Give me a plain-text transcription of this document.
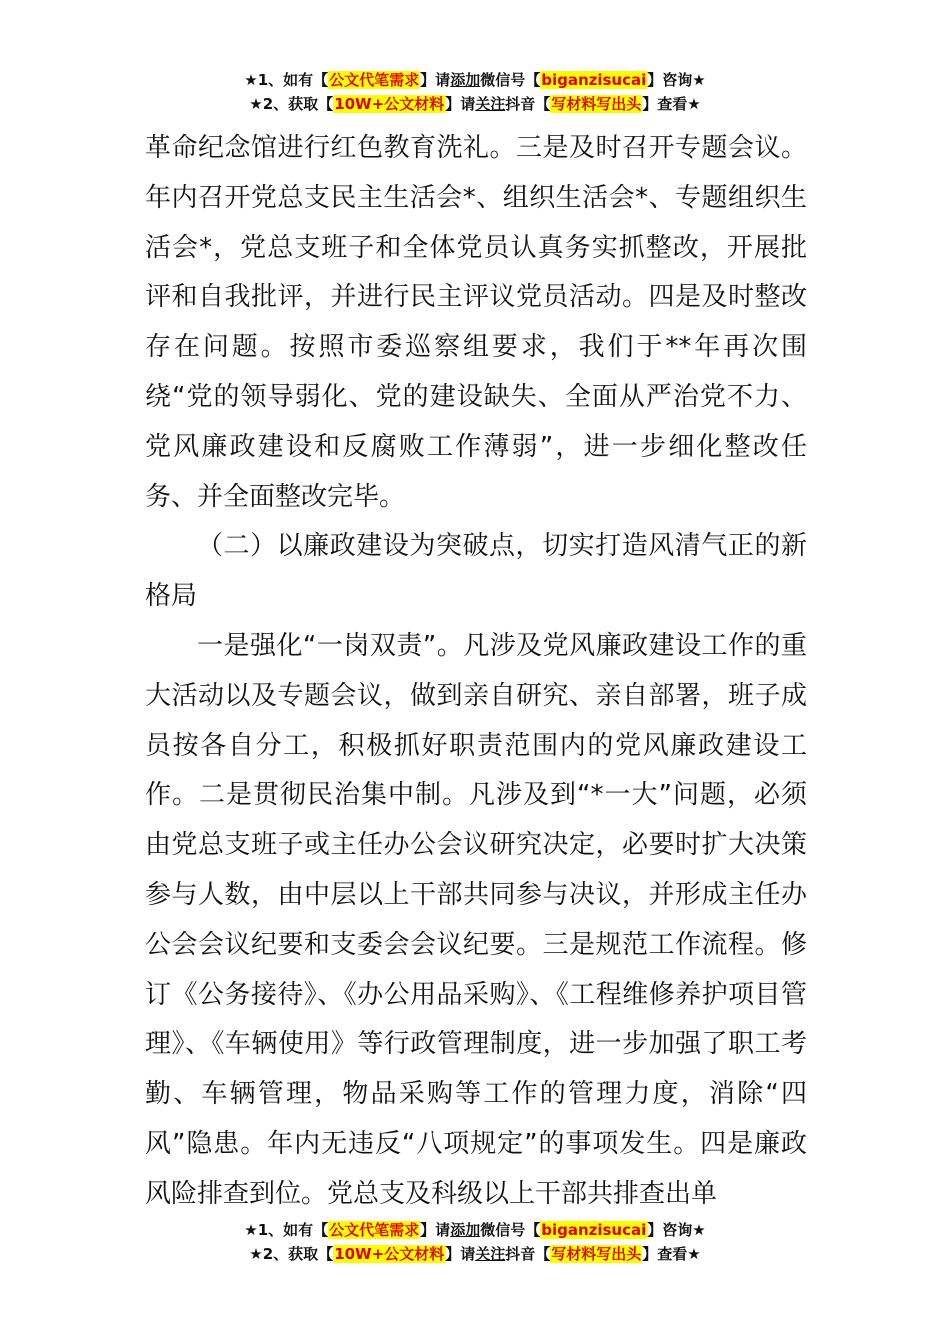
★1、如有【公文代笔需求】请添加微信号【biganzisucai】咨询★
★2、获取【10W+公文材料】请关注抖音【写材料写出头】查看★

革命纪念馆进行红色教育洗礼。三是及时召开专题会议。年内召开党总支民主生活会*、组织生活会*、专题组织生活会*，党总支班子和全体党员认真务实抓整改，开展批评和自我批评，并进行民主评议党员活动。四是及时整改存在问题。按照市委巡察组要求，我们于**年再次围绕“党的领导弱化、党的建设缺失、全面从严治党不力、党风廉政建设和反腐败工作薄弱”，进一步细化整改任务、并全面整改完毕。

（二）以廉政建设为突破点，切实打造风清气正的新格局

一是强化“一岗双责”。凡涉及党风廉政建设工作的重大活动以及专题会议，做到亲自研究、亲自部署，班子成员按各自分工，积极抓好职责范围内的党风廉政建设工作。二是贯彻民治集中制。凡涉及到“*一大”问题，必须由党总支班子或主任办公会议研究决定，必要时扩大决策参与人数，由中层以上干部共同参与决议，并形成主任办公会会议纪要和支委会会议纪要。三是规范工作流程。修订《公务接待》、《办公用品采购》、《工程维修养护项目管理》、《车辆使用》等行政管理制度，进一步加强了职工考勤、车辆管理，物品采购等工作的管理力度，消除“四风”隐患。年内无违反“八项规定”的事项发生。四是廉政风险排查到位。党总支及科级以上干部共排查出单

★1、如有【公文代笔需求】请添加微信号【biganzisucai】咨询★
★2、获取【10W+公文材料】请关注抖音【写材料写出头】查看★
